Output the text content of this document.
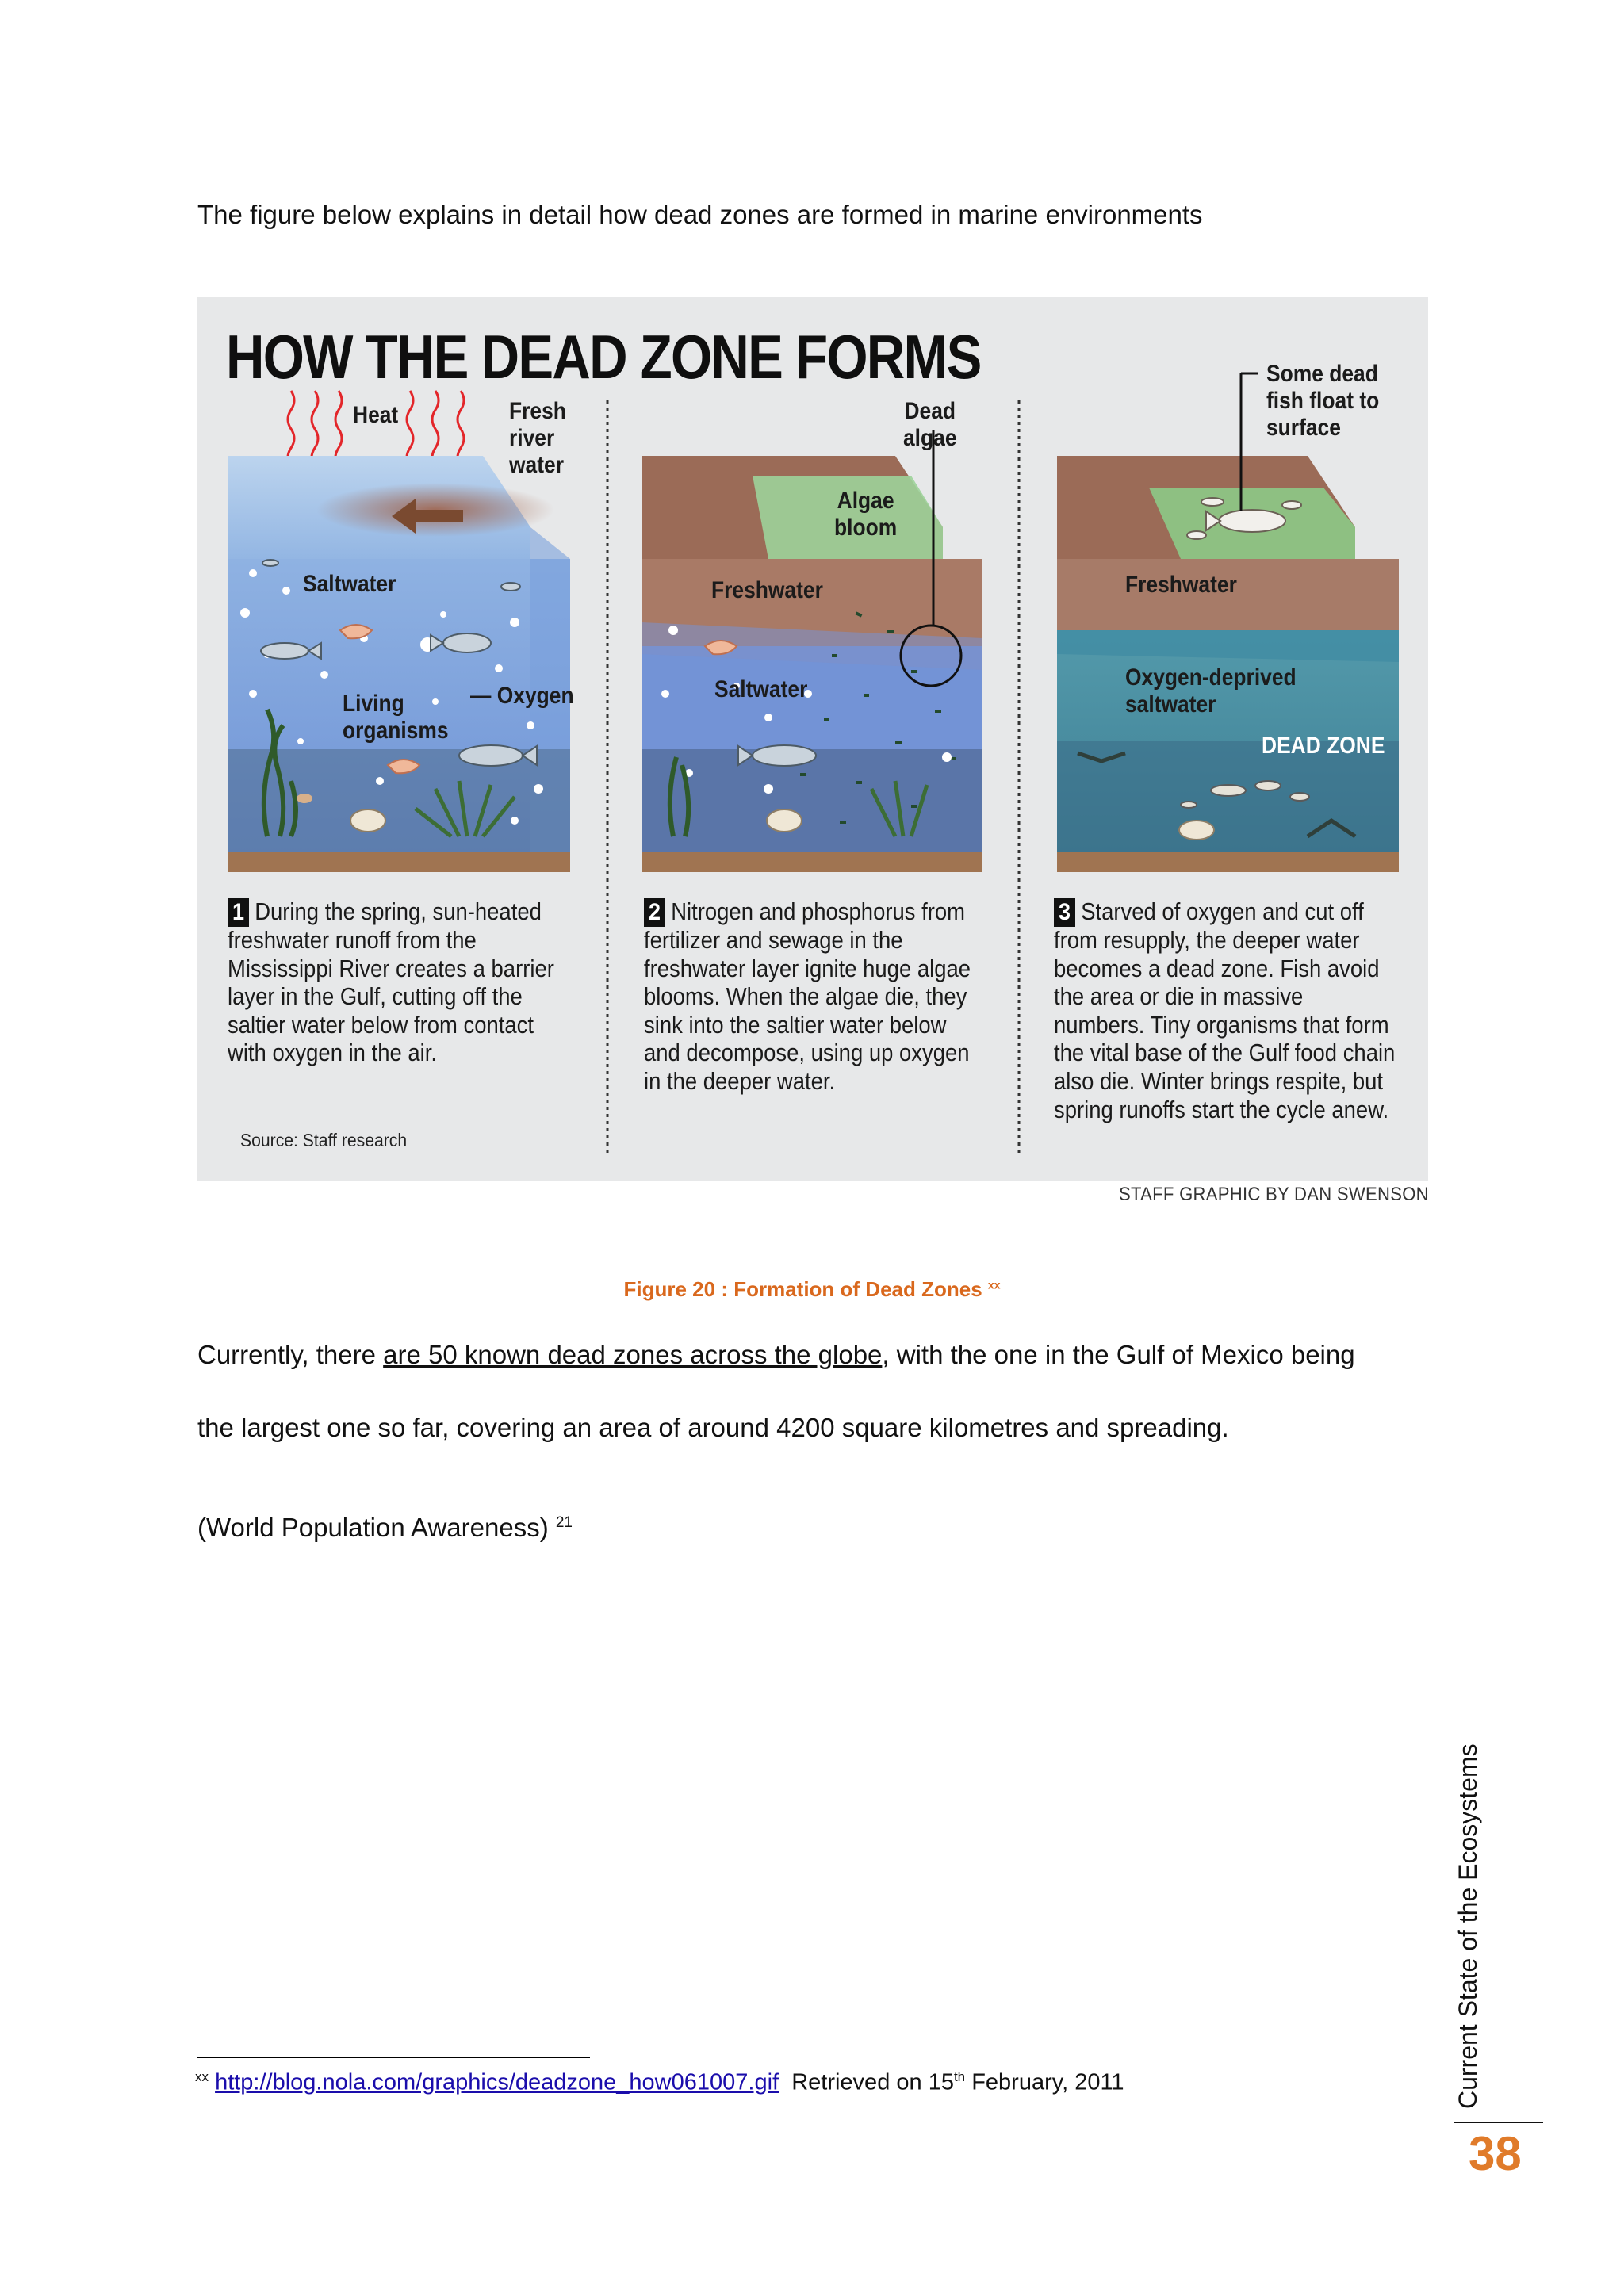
The figure below explains in detail how dead zones are formed in marine environments
HOW THE DEAD ZONE FORMS
Heat	Fresh
river
water
Saltwater
Living
organisms
— Oxygen
Dead
algae
Algae
bloom
Freshwater
Saltwater
Some dead
fish float to
surface
Freshwater
Oxygen-deprived
saltwater
DEAD ZONE
1 During the spring, sun-heated freshwater runoff from the Mississippi River creates a barrier layer in the Gulf, cutting off the saltier water below from contact with oxygen in the air.
2 Nitrogen and phosphorus from fertilizer and sewage in the freshwater layer ignite huge algae blooms. When the algae die, they sink into the saltier water below and decompose, using up oxygen in the deeper water.
3 Starved of oxygen and cut off from resupply, the deeper water becomes a dead zone. Fish avoid the area or die in massive numbers. Tiny organisms that form the vital base of the Gulf food chain also die. Winter brings respite, but spring runoffs start the cycle anew.
Source: Staff research
STAFF GRAPHIC BY DAN SWENSON
Figure 20 : Formation of Dead Zones $^{xx}$
Currently, there are 50 known dead zones across the globe, with the one in the Gulf of Mexico being
the largest one so far, covering an area of around 4200 square kilometres and spreading.
(World Population Awareness) $^{21}$
$^{xx}$ http://blog.nola.com/graphics/deadzone_how061007.gif Retrieved on 15th February, 2011	Current State of the Ecosystems
38
